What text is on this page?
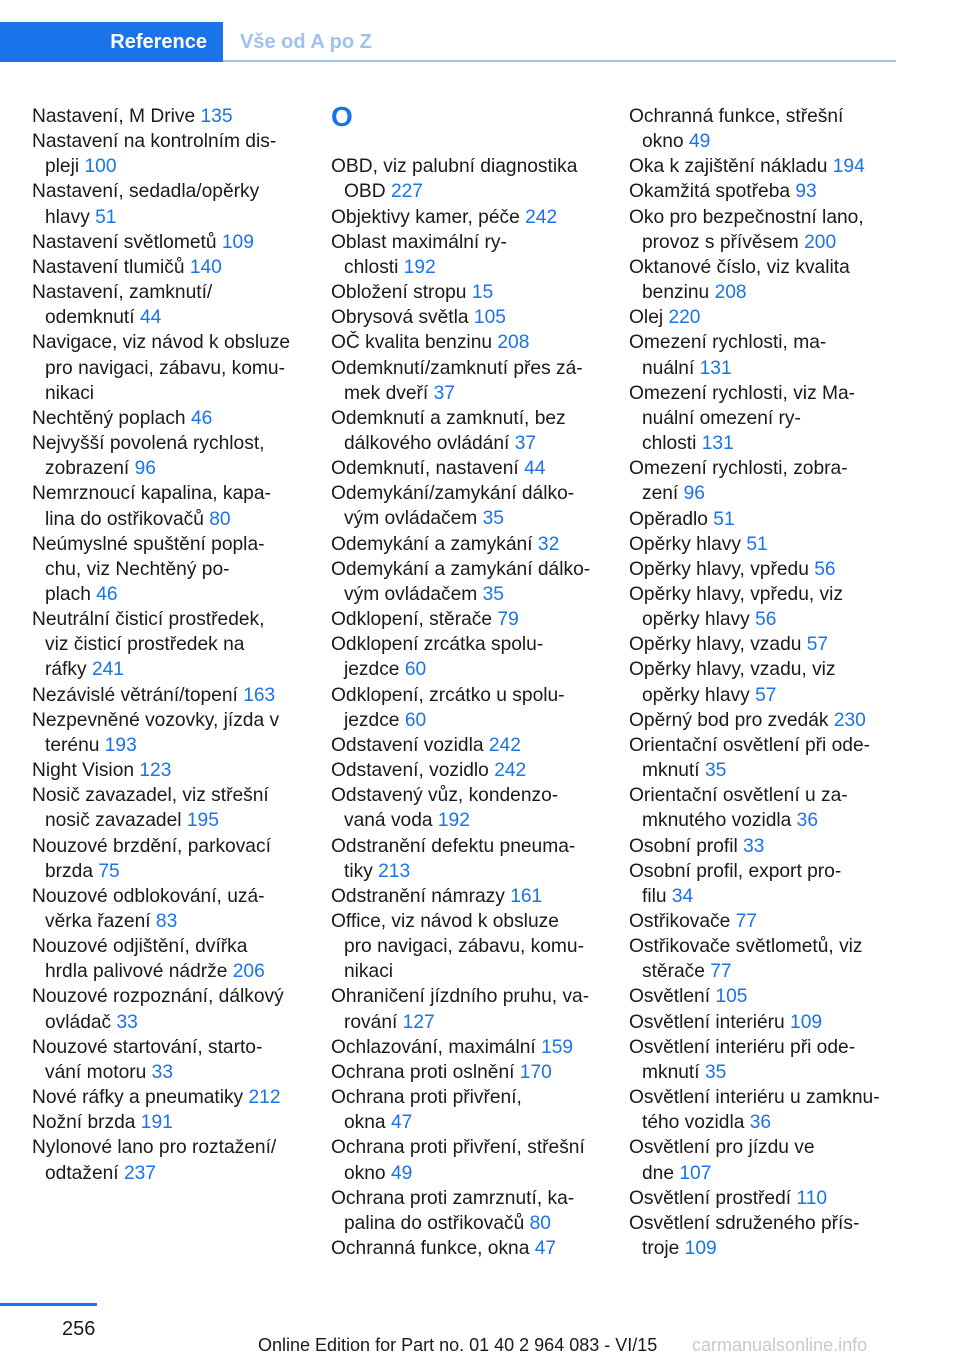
Reference Vše od A po Z
Nastavení, M Drive 135
Nastavení na kontrolním dis-
pleji 100
Nastavení, sedadla/opěrky
hlavy 51
Nastavení světlometů 109
Nastavení tlumičů 140
Nastavení, zamknutí/
odemknutí 44
Navigace, viz návod k obsluze
pro navigaci, zábavu, komu-
nikaci
Nechtěný poplach 46
Nejvyšší povolená rychlost,
zobrazení 96
Nemrznoucí kapalina, kapa-
lina do ostřikovačů 80
Neúmyslné spuštění popla-
chu, viz Nechtěný po-
plach 46
Neutrální čisticí prostředek,
viz čisticí prostředek na
ráfky 241
Nezávislé větrání/topení 163
Nezpevněné vozovky, jízda v
terénu 193
Night Vision 123
Nosič zavazadel, viz střešní
nosič zavazadel 195
Nouzové brzdění, parkovací
brzda 75
Nouzové odblokování, uzá-
věrka řazení 83
Nouzové odjištění, dvířka
hrdla palivové nádrže 206
Nouzové rozpoznání, dálkový
ovládač 33
Nouzové startování, starto-
vání motoru 33
Nové ráfky a pneumatiky 212
Nožní brzda 191
Nylonové lano pro roztažení/
odtažení 237
O
OBD, viz palubní diagnostika
OBD 227
Objektivy kamer, péče 242
Oblast maximální ry-
chlosti 192
Obložení stropu 15
Obrysová světla 105
OČ kvalita benzinu 208
Odemknutí/zamknutí přes zá-
mek dveří 37
Odemknutí a zamknutí, bez
dálkového ovládání 37
Odemknutí, nastavení 44
Odemykání/zamykání dálko-
vým ovládačem 35
Odemykání a zamykání 32
Odemykání a zamykání dálko-
vým ovládačem 35
Odklopení, stěrače 79
Odklopení zrcátka spolu-
jezdce 60
Odklopení, zrcátko u spolu-
jezdce 60
Odstavení vozidla 242
Odstavení, vozidlo 242
Odstavený vůz, kondenzo-
vaná voda 192
Odstranění defektu pneuma-
tiky 213
Odstranění námrazy 161
Office, viz návod k obsluze
pro navigaci, zábavu, komu-
nikaci
Ohraničení jízdního pruhu, va-
rování 127
Ochlazování, maximální 159
Ochrana proti oslnění 170
Ochrana proti přivření,
okna 47
Ochrana proti přivření, střešní
okno 49
Ochrana proti zamrznutí, ka-
palina do ostřikovačů 80
Ochranná funkce, okna 47
Ochranná funkce, střešní
okno 49
Oka k zajištění nákladu 194
Okamžitá spotřeba 93
Oko pro bezpečnostní lano,
provoz s přívěsem 200
Oktanové číslo, viz kvalita
benzinu 208
Olej 220
Omezení rychlosti, ma-
nuální 131
Omezení rychlosti, viz Ma-
nuální omezení ry-
chlosti 131
Omezení rychlosti, zobra-
zení 96
Opěradlo 51
Opěrky hlavy 51
Opěrky hlavy, vpředu 56
Opěrky hlavy, vpředu, viz
opěrky hlavy 56
Opěrky hlavy, vzadu 57
Opěrky hlavy, vzadu, viz
opěrky hlavy 57
Opěrný bod pro zvedák 230
Orientační osvětlení při ode-
mknutí 35
Orientační osvětlení u za-
mknutého vozidla 36
Osobní profil 33
Osobní profil, export pro-
filu 34
Ostřikovače 77
Ostřikovače světlometů, viz
stěrače 77
Osvětlení 105
Osvětlení interiéru 109
Osvětlení interiéru při ode-
mknutí 35
Osvětlení interiéru u zamknu-
tého vozidla 36
Osvětlení pro jízdu ve
dne 107
Osvětlení prostředí 110
Osvětlení sdruženého přís-
troje 109
256
Online Edition for Part no. 01 40 2 964 083 - VI/15 carmanualsonline.info
